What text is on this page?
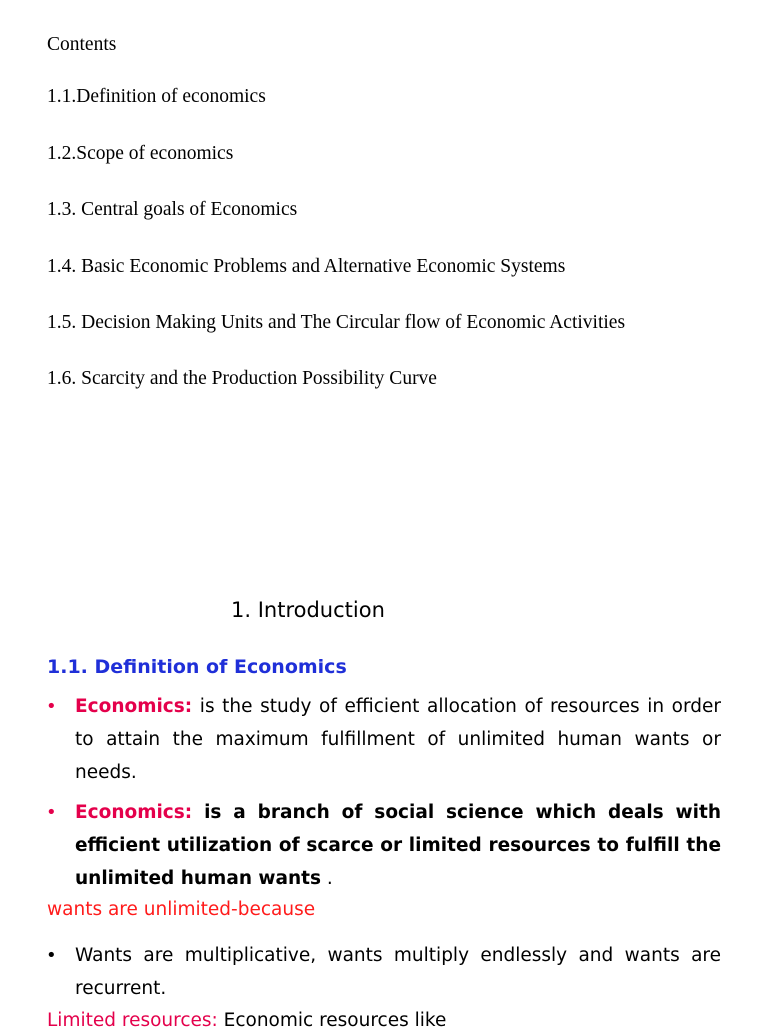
Contents
1.1.Definition of economics
1.2.Scope of economics
1.3. Central goals of Economics
1.4. Basic Economic Problems and Alternative Economic Systems
1.5. Decision Making Units and The Circular flow of Economic Activities
1.6. Scarcity and the Production Possibility Curve
1. Introduction
1.1. Definition of Economics
• Economics: is the study of efficient allocation of resources in order to attain the maximum fulfillment of unlimited human wants or needs.
• Economics: is a branch of social science which deals with efficient utilization of scarce or limited resources to fulfill the unlimited human wants .
wants are unlimited-because
• Wants are multiplicative, wants multiply endlessly and wants are recurrent.
Limited resources: Economic resources like
